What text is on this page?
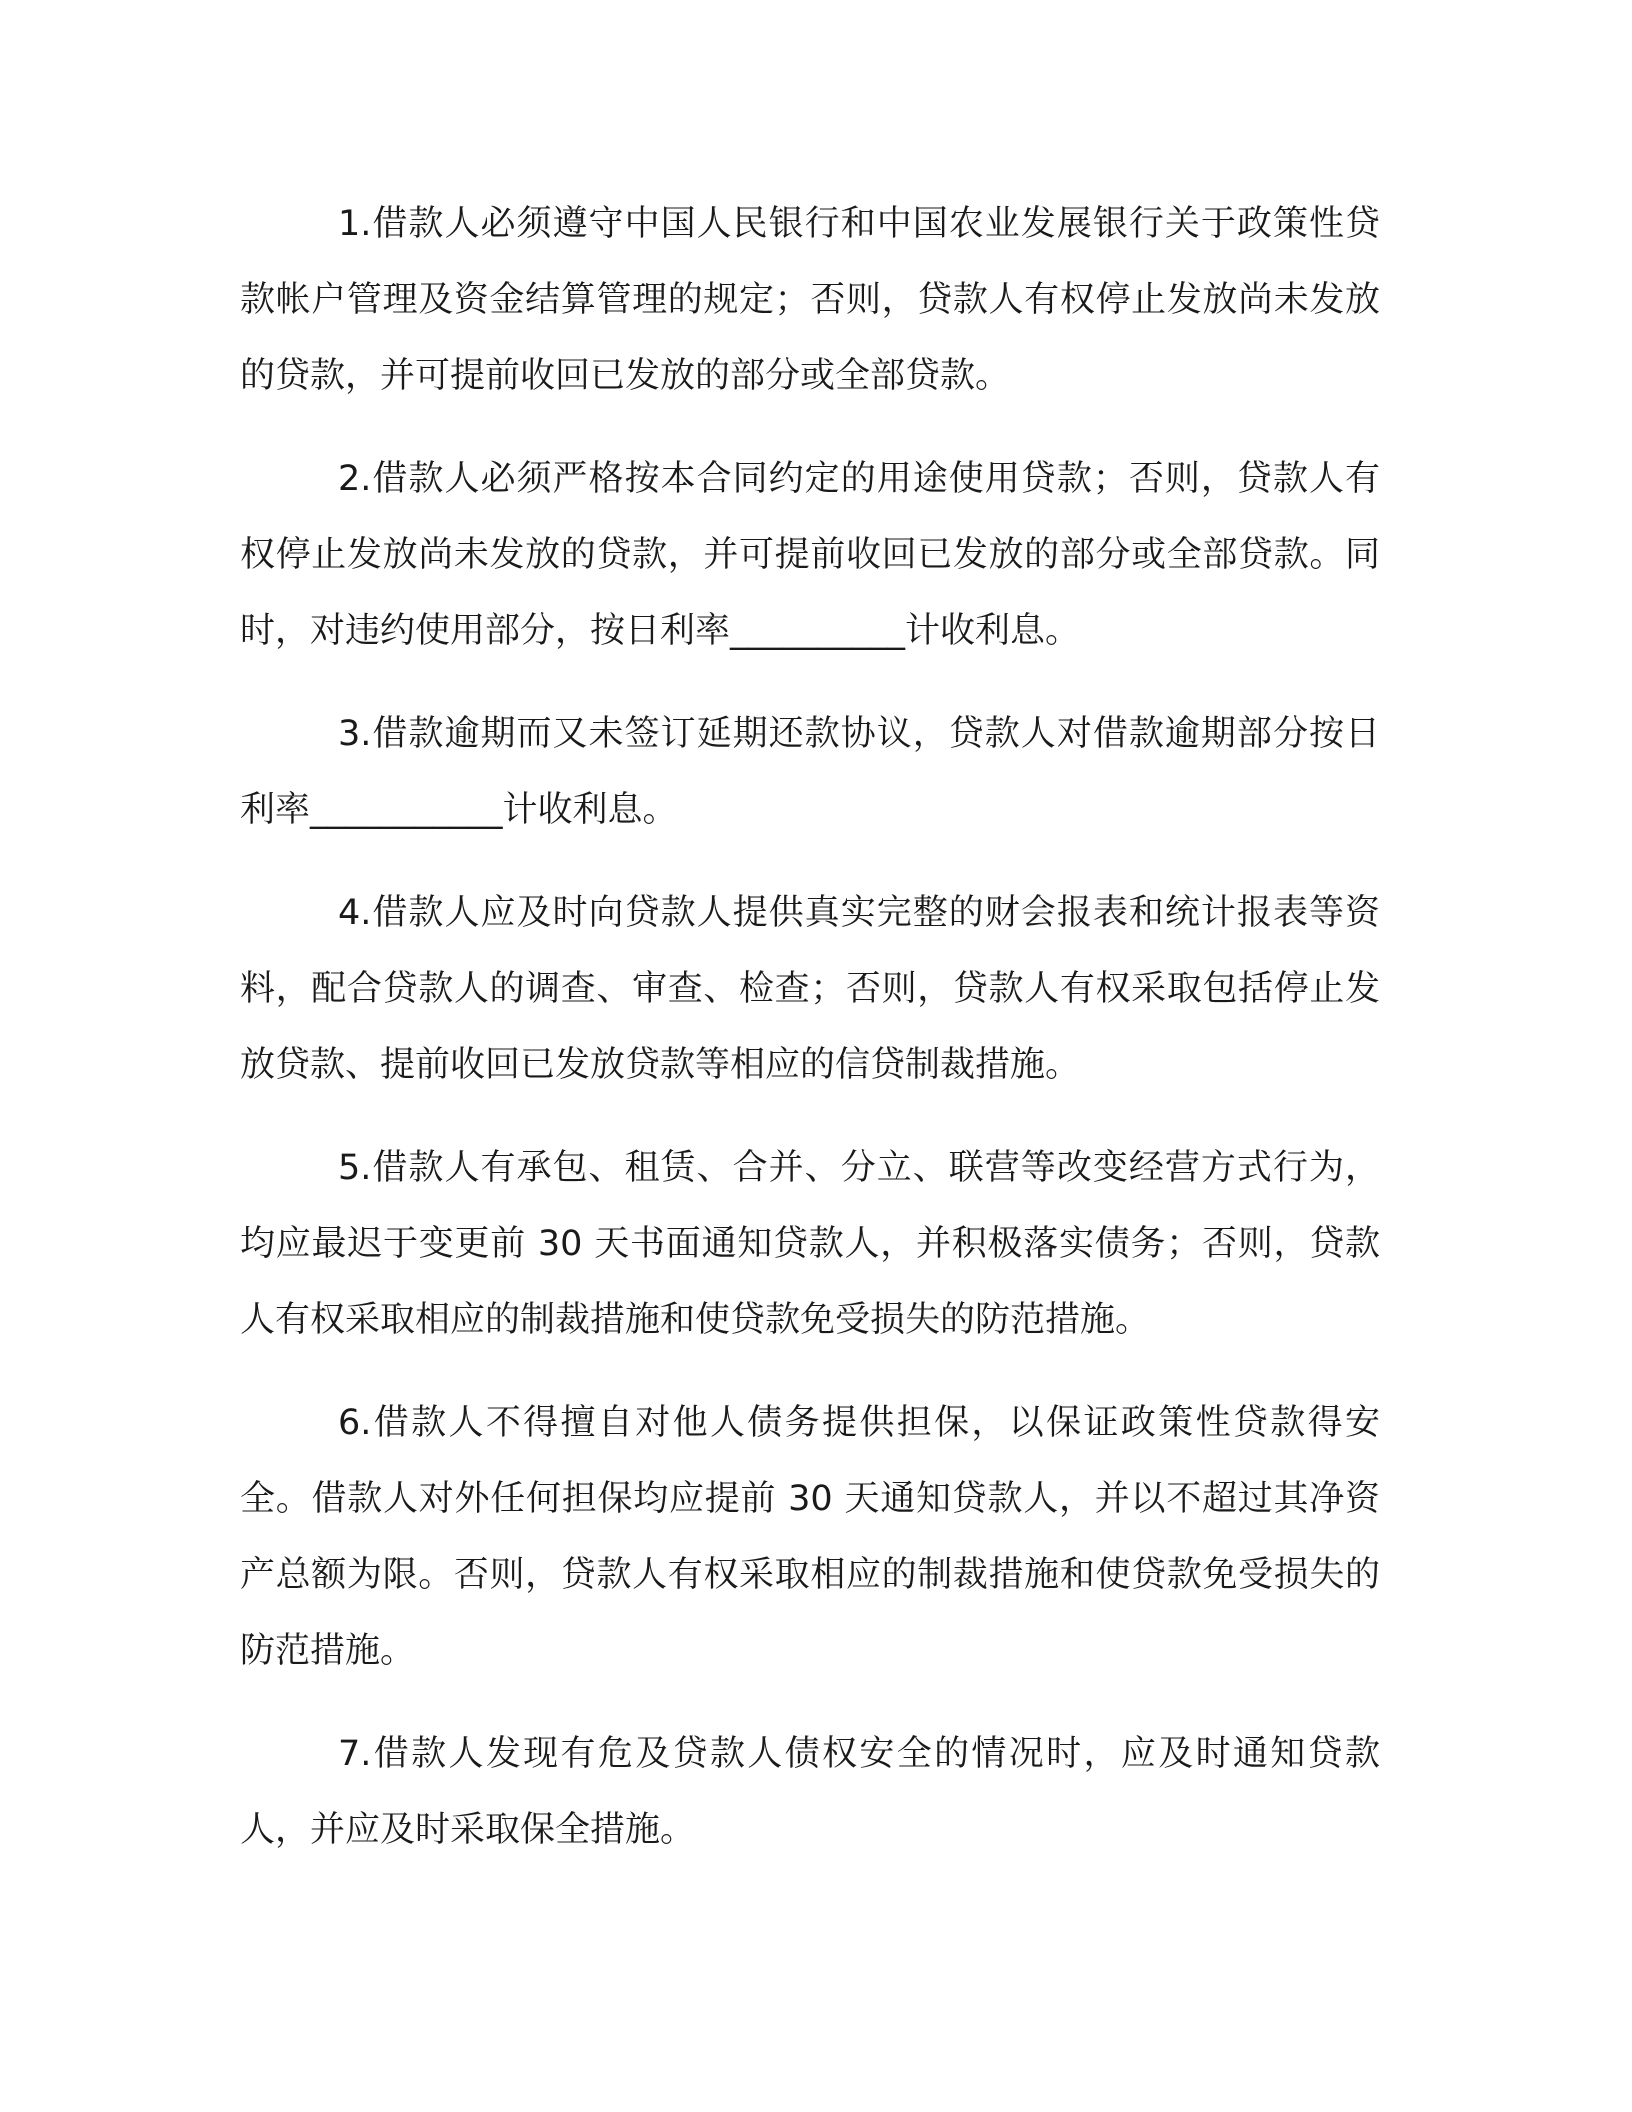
1.借款人必须遵守中国人民银行和中国农业发展银行关于政策性贷款帐户管理及资金结算管理的规定；否则，贷款人有权停止发放尚未发放的贷款，并可提前收回已发放的部分或全部贷款。

2.借款人必须严格按本合同约定的用途使用贷款；否则，贷款人有权停止发放尚未发放的贷款，并可提前收回已发放的部分或全部贷款。同时，对违约使用部分，按日利率__________计收利息。

3.借款逾期而又未签订延期还款协议，贷款人对借款逾期部分按日利率___________计收利息。

4.借款人应及时向贷款人提供真实完整的财会报表和统计报表等资料，配合贷款人的调查、审查、检查；否则，贷款人有权采取包括停止发放贷款、提前收回已发放贷款等相应的信贷制裁措施。

5.借款人有承包、租赁、合并、分立、联营等改变经营方式行为，均应最迟于变更前 30 天书面通知贷款人，并积极落实债务；否则，贷款人有权采取相应的制裁措施和使贷款免受损失的防范措施。

6.借款人不得擅自对他人债务提供担保，以保证政策性贷款得安全。借款人对外任何担保均应提前 30 天通知贷款人，并以不超过其净资产总额为限。否则，贷款人有权采取相应的制裁措施和使贷款免受损失的防范措施。

7.借款人发现有危及贷款人债权安全的情况时，应及时通知贷款人，并应及时采取保全措施。
